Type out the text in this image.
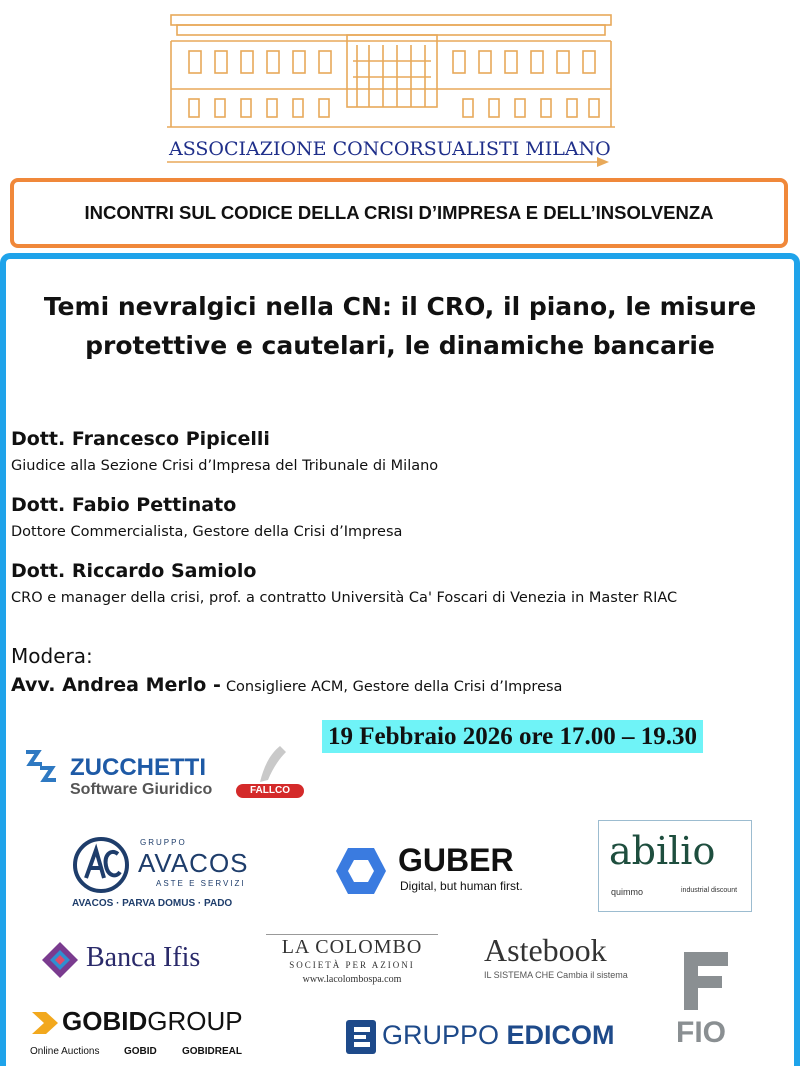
ASSOCIAZIONE CONCORSUALISTI MILANO
INCONTRI SUL CODICE DELLA CRISI D’IMPRESA E DELL’INSOLVENZA
Temi nevralgici nella CN: il CRO, il piano, le misure
protettive e cautelari, le dinamiche bancarie
Dott. Francesco Pipicelli
Giudice alla Sezione Crisi d’Impresa del Tribunale di Milano
Dott. Fabio Pettinato
Dottore Commercialista, Gestore della Crisi d’Impresa
Dott. Riccardo Samiolo
CRO e manager della crisi, prof. a contratto Università Ca' Foscari di Venezia in Master RIAC
Modera:
Avv. Andrea Merlo - Consigliere ACM, Gestore della Crisi d’Impresa
19 Febbraio 2026 ore 17.00 – 19.30
ZUCCHETTI
Software Giuridico	FALLCO
GRUPPO
AVACOS
ASTE E SERVIZI
AVACOS · PARVA DOMUS · PADO
GUBER
Digital, but human first.
abilio
quimmo	industrial discount
Banca Ifis	LA COLOMBO
SOCIETÀ PER AZIONI
www.lacolombospa.com
Astebook
IL SISTEMA CHE Cambia il sistema
FIO
GOBIDGROUP
Online Auctions GOBID	GOBIDREAL
GRUPPO EDICOM
